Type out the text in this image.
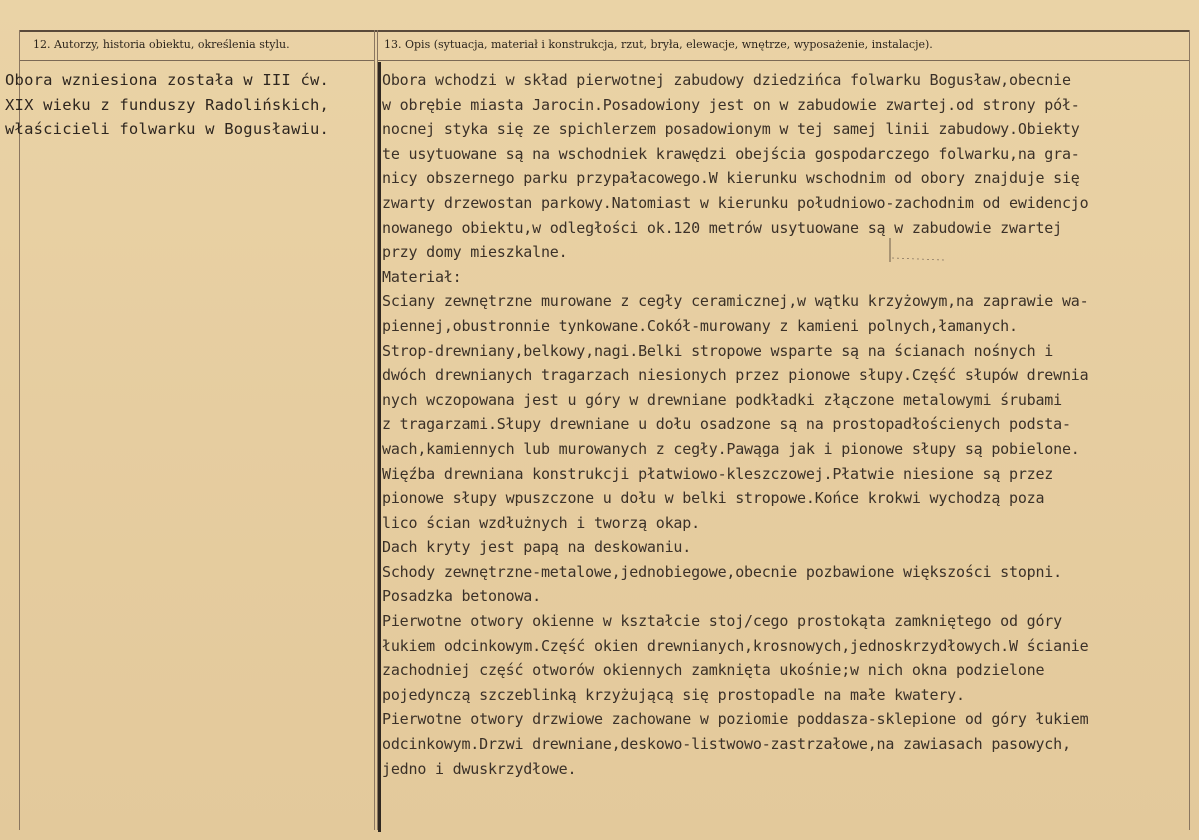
12. Autorzy, historia obiektu, określenia stylu.	13. Opis (sytuacja, materiał i konstrukcja, rzut, bryła, elewacje, wnętrze, wyposażenie, instalacje).
Obora wzniesiona została w III ćw.
XIX wieku z funduszy Radolińskich,
właścicieli folwarku w Bogusławiu.
Obora wchodzi w skład pierwotnej zabudowy dziedzińca folwarku Bogusław,obecnie
w obrębie miasta Jarocin.Posadowiony jest on w zabudowie zwartej.od strony pół-
nocnej styka się ze spichlerzem posadowionym w tej samej linii zabudowy.Obiekty
te usytuowane są na wschodniek krawędzi obejścia gospodarczego folwarku,na gra-
nicy obszernego parku przypałacowego.W kierunku wschodnim od obory znajduje się
zwarty drzewostan parkowy.Natomiast w kierunku południowo-zachodnim od ewidencjo
nowanego obiektu,w odległości ok.120 metrów usytuowane są w zabudowie zwartej
przy domy mieszkalne.
Materiał:
Sciany zewnętrzne murowane z cegły ceramicznej,w wątku krzyżowym,na zaprawie wa-
piennej,obustronnie tynkowane.Cokół-murowany z kamieni polnych,łamanych.
Strop-drewniany,belkowy,nagi.Belki stropowe wsparte są na ścianach nośnych i
dwóch drewnianych tragarzach niesionych przez pionowe słupy.Część słupów drewnia
nych wczopowana jest u góry w drewniane podkładki złączone metalowymi śrubami
z tragarzami.Słupy drewniane u dołu osadzone są na prostopadłościenych podsta-
wach,kamiennych lub murowanych z cegły.Pawąga jak i pionowe słupy są pobielone.
Więźba drewniana konstrukcji płatwiowo-kleszczowej.Płatwie niesione są przez
pionowe słupy wpuszczone u dołu w belki stropowe.Końce krokwi wychodzą poza
lico ścian wzdłużnych i tworzą okap.
Dach kryty jest papą na deskowaniu.
Schody zewnętrzne-metalowe,jednobiegowe,obecnie pozbawione większości stopni.
Posadzka betonowa.
Pierwotne otwory okienne w kształcie stoj/cego prostokąta zamkniętego od góry
łukiem odcinkowym.Część okien drewnianych,krosnowych,jednoskrzydłowych.W ścianie
zachodniej część otworów okiennych zamknięta ukośnie;w nich okna podzielone
pojedynczą szczeblinką krzyżującą się prostopadle na małe kwatery.
Pierwotne otwory drzwiowe zachowane w poziomie poddasza-sklepione od góry łukiem
odcinkowym.Drzwi drewniane,deskowo-listwowo-zastrzałowe,na zawiasach pasowych,
jedno i dwuskrzydłowe.
